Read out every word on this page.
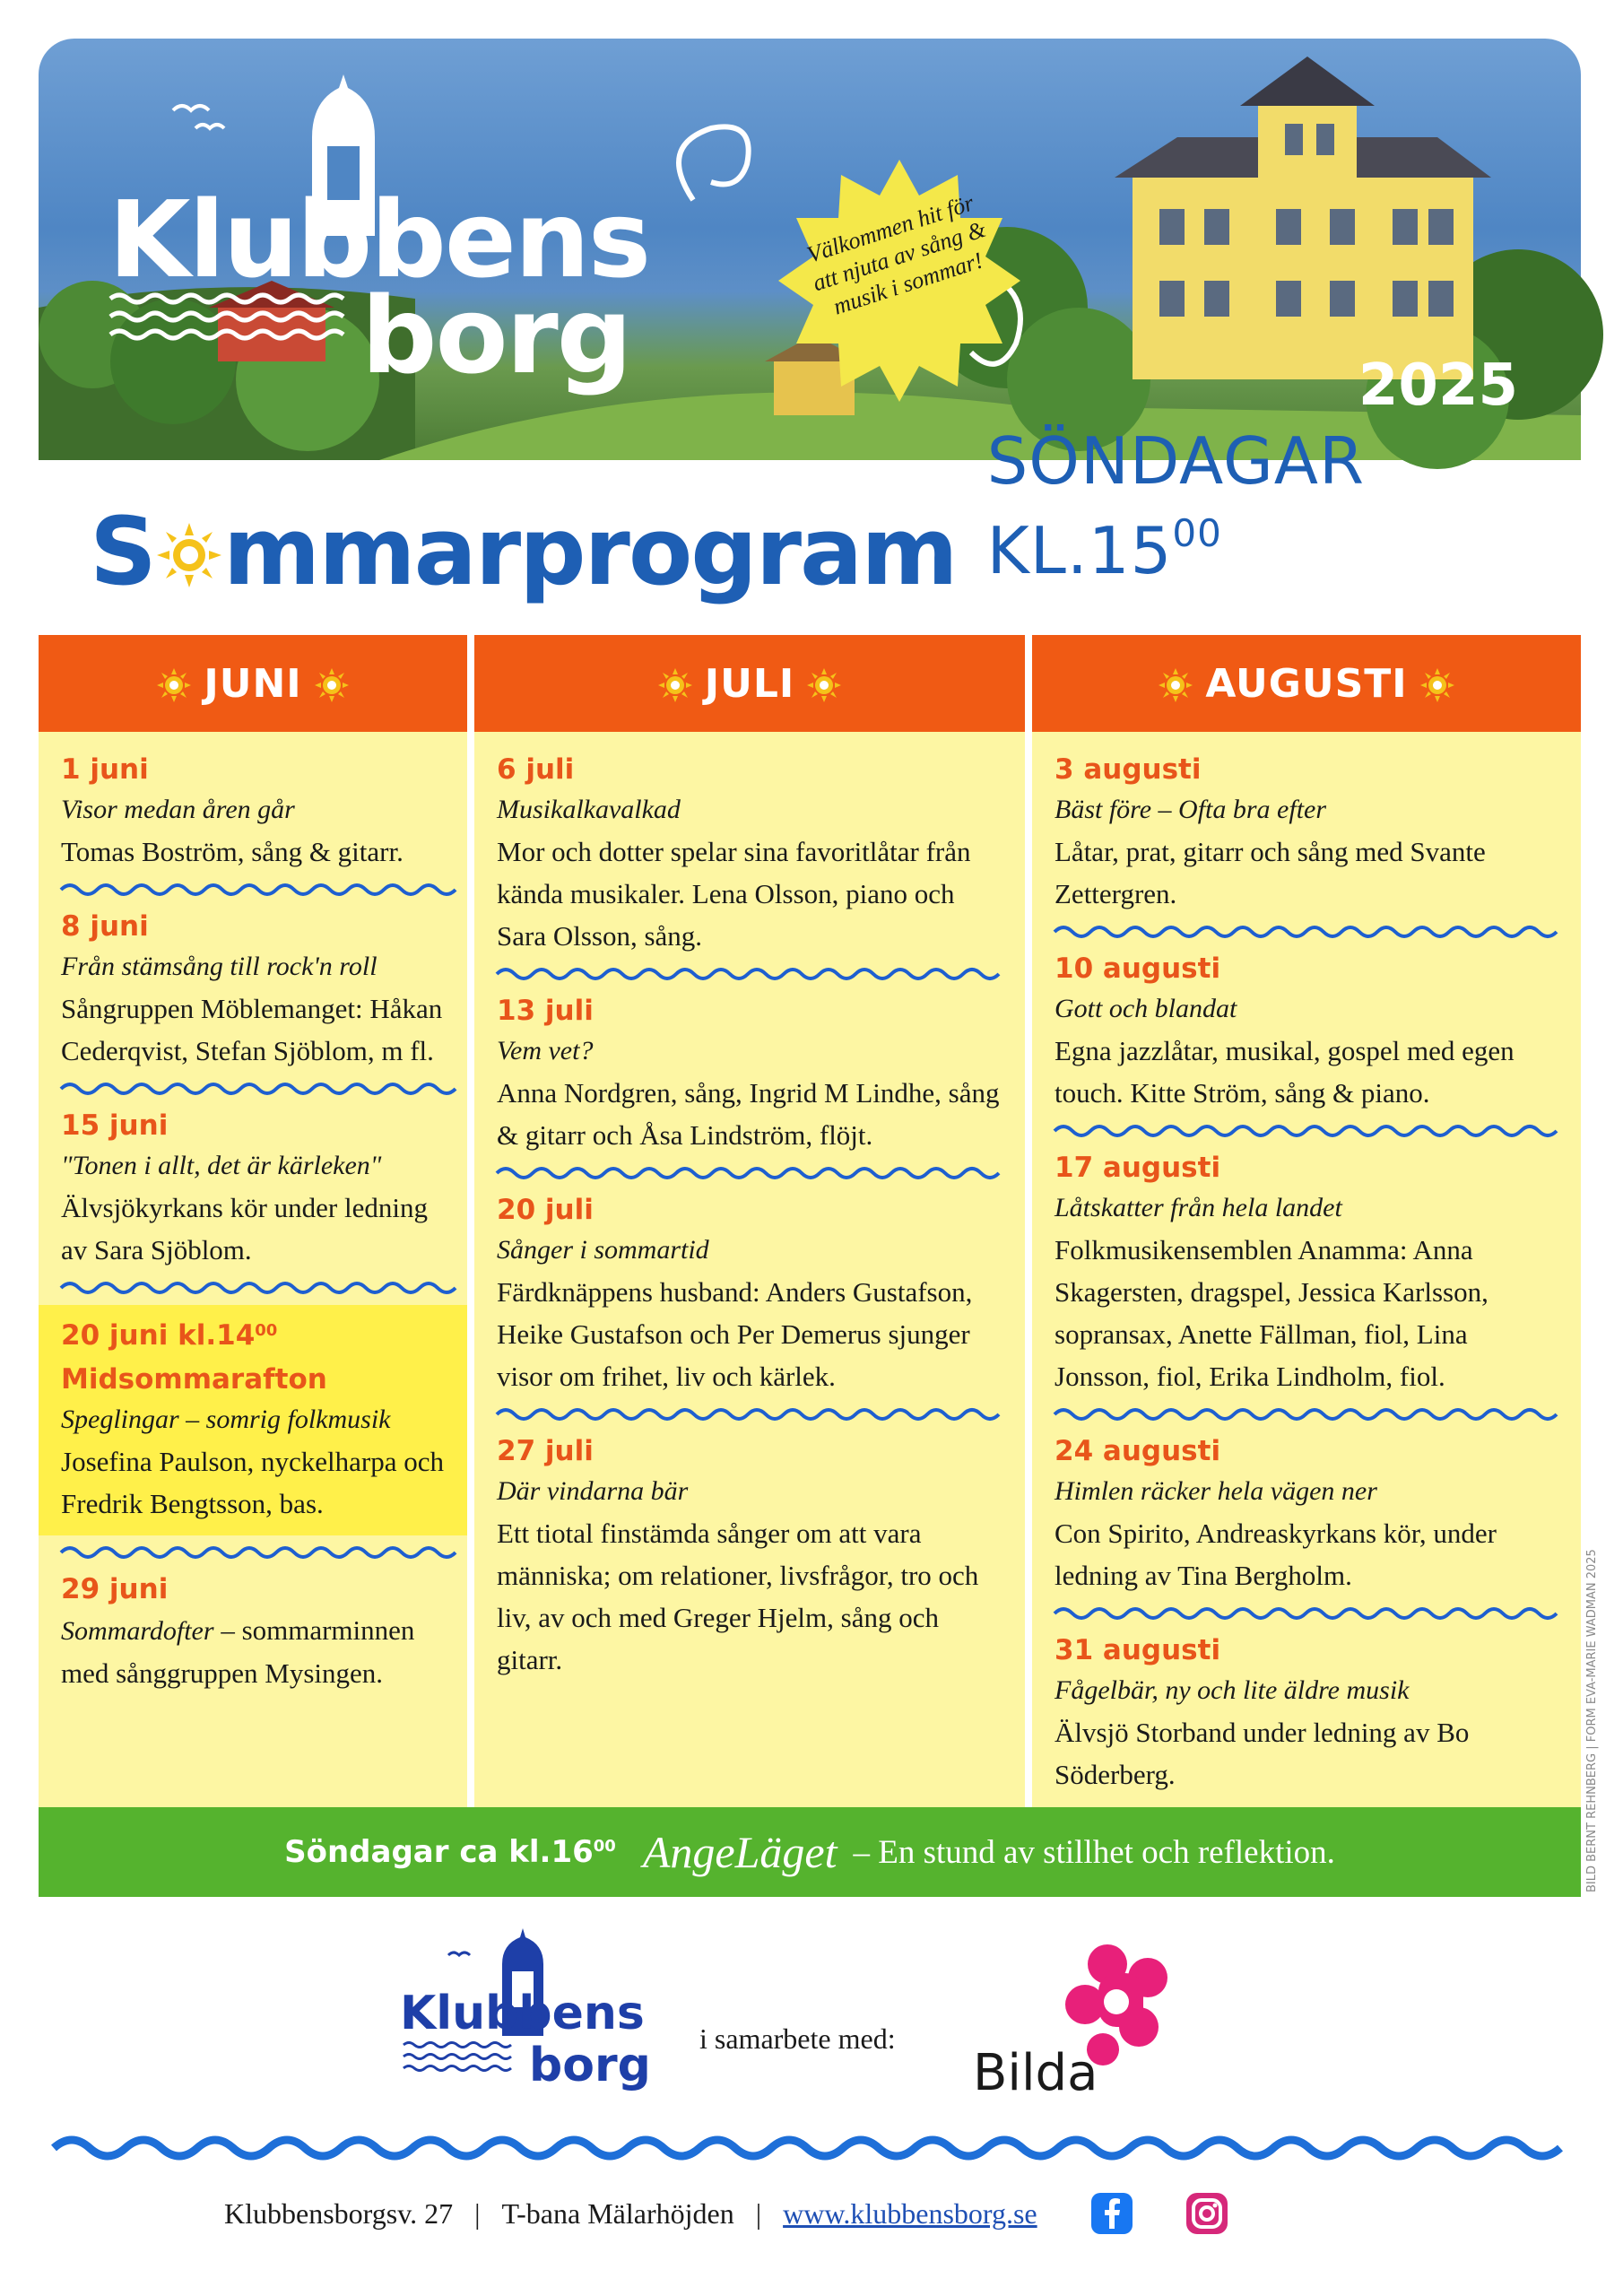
Klubbens
borg
Välkommen hit för att njuta av sång & musik i sommar!
2025
S mmarprogram
SÖNDAGAR $KL.15^{00}$
JUNI
1 juni
Visor medan åren går
Tomas Boström, sång & gitarr.
8 juni
Från stämsång till rock'n roll
Sångruppen Möblemanget: Håkan Cederqvist, Stefan Sjöblom, m fl.
15 juni
"Tonen i allt, det är kärleken"
Älvsjökyrkans kör under ledning av Sara Sjöblom.
20 juni $kl.14^{00}$
Midsommarafton
Speglingar – somrig folkmusik
Josefina Paulson, nyckelharpa och Fredrik Bengtsson, bas.
29 juni
Sommardofter – sommarminnen med sånggruppen Mysingen.
JULI
6 juli
Musikalkavalkad
Mor och dotter spelar sina favoritlåtar från kända musikaler. Lena Olsson, piano och Sara Olsson, sång.
13 juli
Vem vet?
Anna Nordgren, sång, Ingrid M Lindhe, sång & gitarr och Åsa Lindström, flöjt.
20 juli
Sånger i sommartid
Färdknäppens husband: Anders Gustafson, Heike Gustafson och Per Demerus sjunger visor om frihet, liv och kärlek.
27 juli
Där vindarna bär
Ett tiotal finstämda sånger om att vara människa; om relationer, livsfrågor, tro och liv, av och med Greger Hjelm, sång och gitarr.
AUGUSTI
3 augusti
Bäst före – Ofta bra efter
Låtar, prat, gitarr och sång med Svante Zettergren.
10 augusti
Gott och blandat
Egna jazzlåtar, musikal, gospel med egen touch. Kitte Ström, sång & piano.
17 augusti
Låtskatter från hela landet
Folkmusikensemblen Anamma: Anna Skagersten, dragspel, Jessica Karlsson, sopransax, Anette Fällman, fiol, Lina Jonsson, fiol, Erika Lindholm, fiol.
24 augusti
Himlen räcker hela vägen ner
Con Spirito, Andreaskyrkans kör, under ledning av Tina Bergholm.
31 augusti
Fågelbär, ny och lite äldre musik
Älvsjö Storband under ledning av Bo Söderberg.
Söndagar ca $kl.16^{00}$ AngeLäget – En stund av stillhet och reflektion.	BILD BERNT REHNBERG | FORM EVA-MARIE WADMAN 2025
Klubbens
borg i samarbete med:
Bilda
Klubbensborgsv. 27 | T-bana Mälarhöjden | www.klubbensborg.se
